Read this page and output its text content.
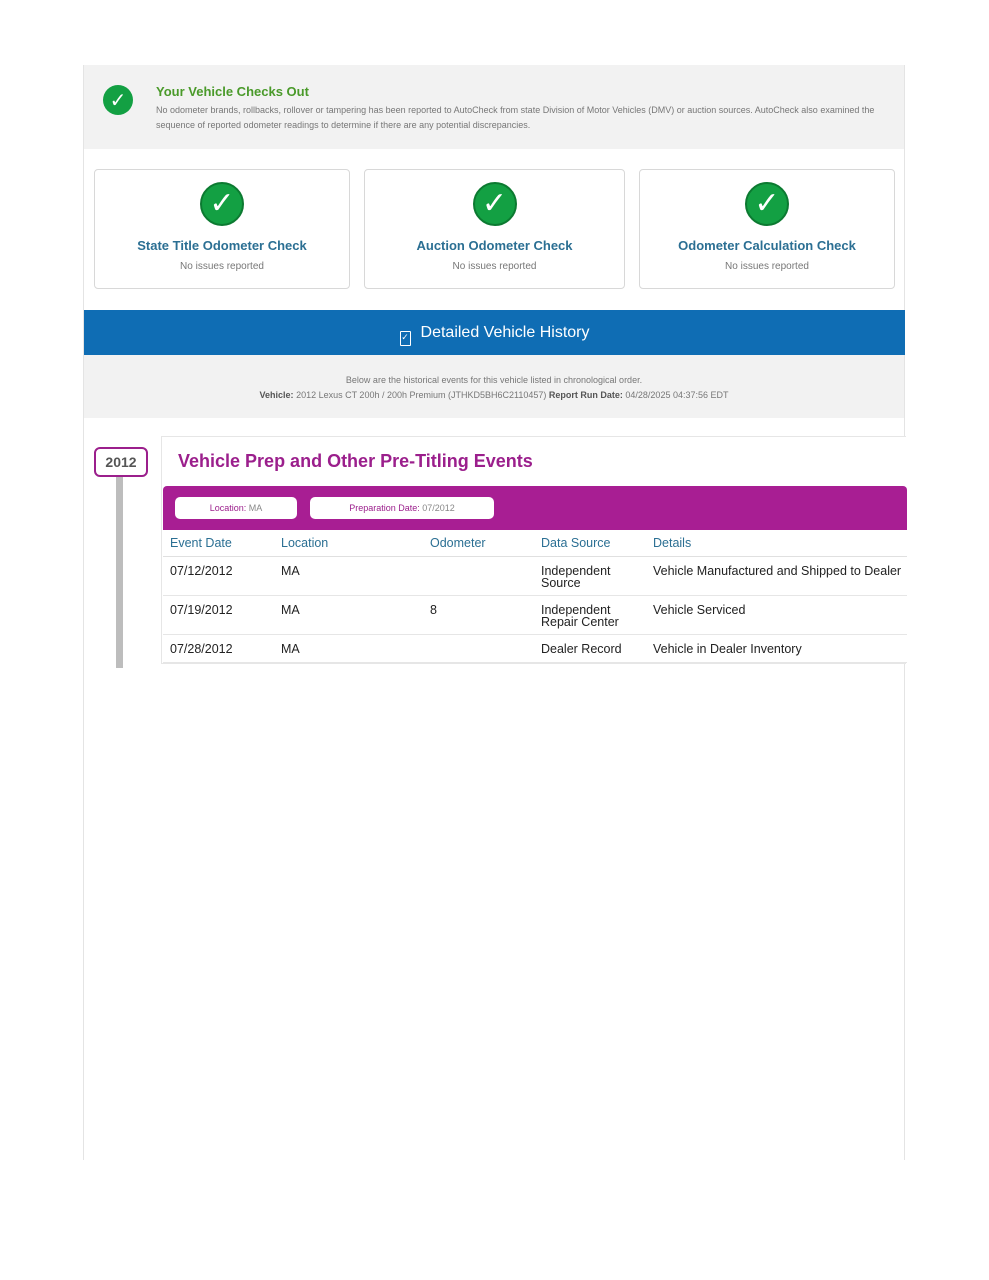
✓	Your Vehicle Checks Out
No odometer brands, rollbacks, rollover or tampering has been reported to AutoCheck from state Division of Motor Vehicles (DMV) or auction sources. AutoCheck also examined the sequence of reported odometer readings to determine if there are any potential discrepancies.
✓
State Title Odometer Check
No issues reported
✓
Auction Odometer Check
No issues reported
✓
Odometer Calculation Check
No issues reported
✓ Detailed Vehicle History
Below are the historical events for this vehicle listed in chronological order.
Vehicle: 2012 Lexus CT 200h / 200h Premium (JTHKD5BH6C2110457) Report Run Date: 04/28/2025 04:37:56 EDT
2012	Vehicle Prep and Other Pre-Titling Events
Location: MA	Preparation Date: 07/2012
Event Date	Location	Odometer	Data Source	Details
07/12/2012	MA		Independent Source	Vehicle Manufactured and Shipped to Dealer
07/19/2012	MA	8	Independent Repair Center	Vehicle Serviced
07/28/2012	MA		Dealer Record	Vehicle in Dealer Inventory
